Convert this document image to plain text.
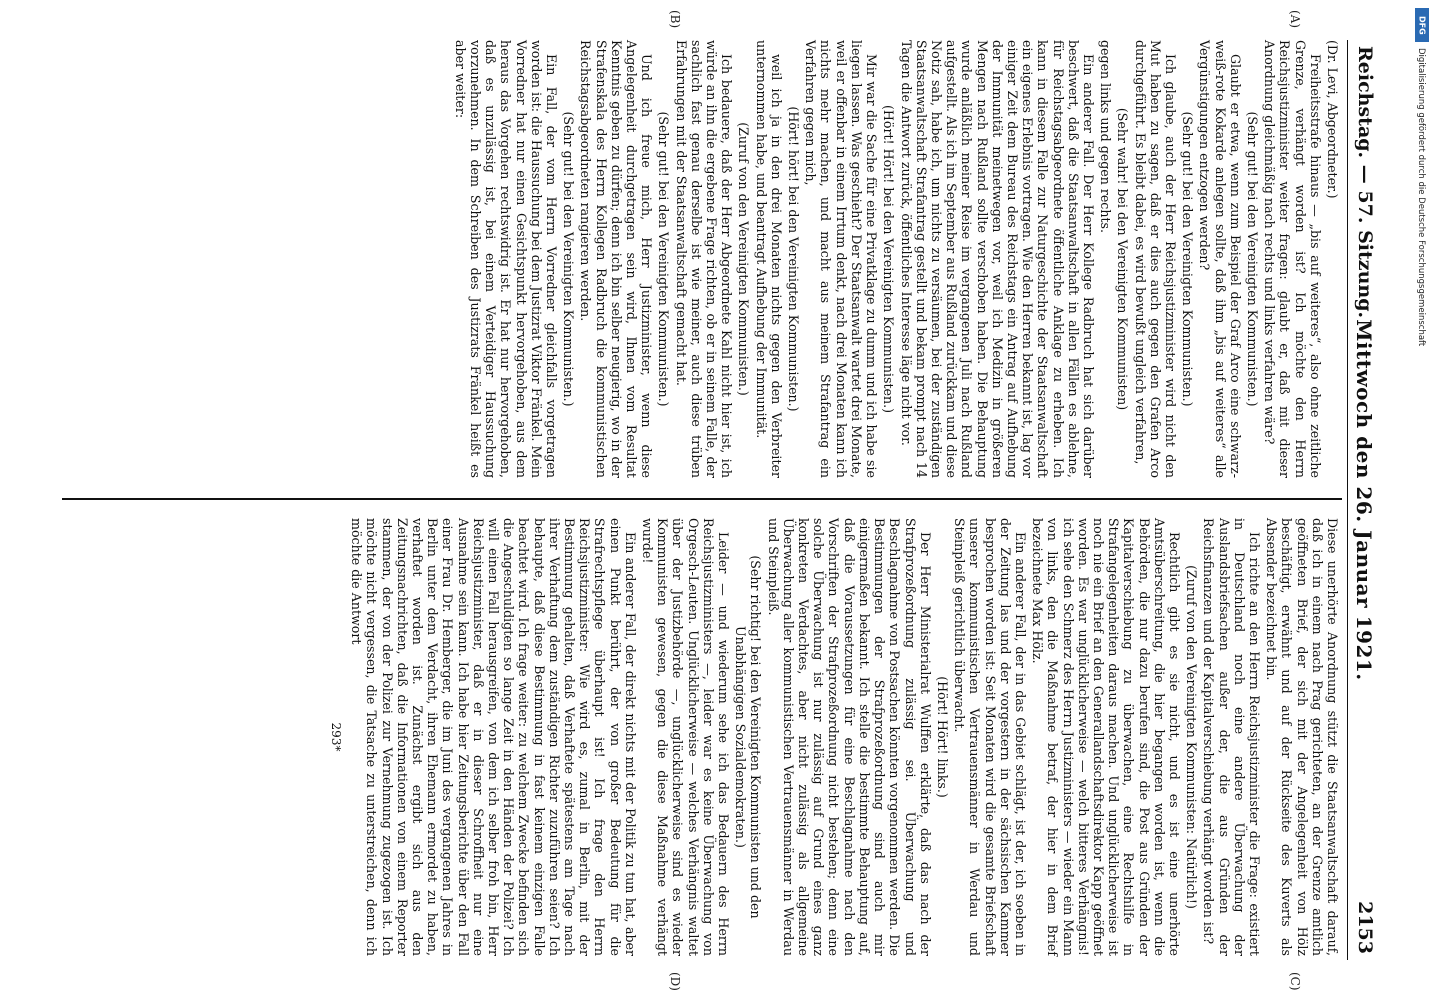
Reichstag. — 57. Sitzung.
Mittwoch den 26. Januar 1921.
2153

(Dr. Levi, Abgeordneter.)

Freiheitsstrafe hinaus — „bis auf weiteres“, also ohne zeitliche Grenze, verhängt worden ist? Ich möchte den Herrn Reichsjustizminister weiter fragen: glaubt er, daß mit dieser Anordnung gleichmäßig nach rechts und links verfahren wäre?

(Sehr gut! bei den Vereinigten Kommunisten.)

Glaubt er etwa, wenn zum Beispiel der Graf Arco eine schwarz-weiß-rote Kokarde anlegen sollte, daß ihm „bis auf weiteres“ alle Vergünstigungen entzogen werden?

(Sehr gut! bei den Vereinigten Kommunisten.)

Ich glaube, auch der Herr Reichsjustizminister wird nicht den Mut haben zu sagen, daß er dies auch gegen den Grafen Arco durchgeführt. Es bleibt dabei, es wird bewußt ungleich verfahren,

(Sehr wahr! bei den Vereinigten Kommunisten)

gegen links und gegen rechts.

Ein anderer Fall. Der Herr Kollege Radbruch hat sich darüber beschwert, daß die Staatsanwaltschaft in allen Fällen es ablehne, für Reichstagsabgeordnete öffentliche Anklage zu erheben. Ich kann in diesem Falle zur Naturgeschichte der Staatsanwaltschaft ein eigenes Erlebnis vortragen. Wie den Herren bekannt ist, lag vor einiger Zeit dem Bureau des Reichstags ein Antrag auf Aufhebung der Immunität meinetwegen vor, weil ich Medizin in größeren Mengen nach Rußland sollte verschoben haben. Die Behauptung wurde anläßlich meiner Reise im vergangenen Juli nach Rußland aufgestellt. Als ich im September aus Rußland zurückkam und diese Notiz sah, habe ich, um nichts zu versäumen, bei der zuständigen Staatsanwaltschaft Strafantrag gestellt und bekam prompt nach 14 Tagen die Antwort zurück, öffentliches Interesse läge nicht vor.

(Hört! Hört! bei den Vereinigten Kommunisten.)

Mir war die Sache für eine Privatklage zu dumm und ich habe sie liegen lassen. Was geschieht? Der Staatsanwalt wartet drei Monate, weil er offenbar in einem Irrtum denkt, nach drei Monaten kann ich nichts mehr machen, und macht aus meinem Strafantrag ein Verfahren gegen mich,

(Hört! hört! bei den Vereinigten Kommunisten.)

weil ich ja in den drei Monaten nichts gegen den Verbreiter unternommen habe, und beantragt Aufhebung der Immunität.

(Zuruf von den Vereinigten Kommunisten.)

Ich bedauere, daß der Herr Abgeordnete Kahl nicht hier ist, ich würde an ihn die ergebene Frage richten, ob er in seinem Falle, der sachlich fast genau derselbe ist wie meiner, auch diese trüben Erfahrungen mit der Staatsanwaltschaft gemacht hat.

(Sehr gut! bei den Vereinigten Kommunisten.)

Und ich freue mich, Herr Justizminister, wenn diese Angelegenheit durchgetragen sein wird, Ihnen vom Resultat Kenntnis geben zu dürfen; denn ich bin selber neugierig, wo in der Strafenskala des Herrn Kollegen Radbruch die kommunistischen Reichstagsabgeordneten rangieren werden.

(Sehr gut! bei den Vereinigten Kommunisten.)

Ein Fall, der vom Herrn Vorredner gleichfalls vorgetragen worden ist: die Haussuchung bei dem Justizrat Viktor Fränkel. Mein Vorredner hat nur einen Gesichtspunkt hervorgehoben, aus dem heraus das Vorgehen rechtswidrig ist. Er hat nur hervorgehoben, daß es unzulässig ist, bei einem Verteidiger Haussuchung vorzunehmen. In dem Schreiben des Justizrats Fränkel heißt es aber weiter:

Diese unerhörte Anordnung stützt die Staatsanwaltschaft darauf, daß ich in einem nach Prag gerichteten, an der Grenze amtlich geöffneten Brief, der sich mit der Angelegenheit von Hölz beschäftigt, erwähnt und auf der Rückseite des Kuverts als Absender bezeichnet bin.

Ich richte an den Herrn Reichsjustizminister die Frage: existiert in Deutschland noch eine andere Überwachung der Auslandsbriefsachen außer der, die aus Gründen der Reichsfinanzen und der Kapitalverschiebung verhängt worden ist?

(Zuruf von den Vereinigten Kommunisten: Natürlich!)

Rechtlich gibt es sie nicht, und es ist eine unerhörte Amtsüberschreitung, die hier begangen worden ist, wenn die Behörden, die nur dazu berufen sind, die Post aus Gründen der Kapitalverschiebung zu überwachen, eine Rechtshilfe in Strafangelegenheiten daraus machen. Und unglücklicherweise ist noch nie ein Brief an den Generallandschaftsdirektor Kapp geöffnet worden. Es war unglücklicherweise — welch bitteres Verhängnis! ich sehe den Schmerz des Herrn Justizministers — wieder ein Mann von links, den die Maßnahme betraf, der hier in dem Brief bezeichnete Max Hölz.

Ein anderer Fall, der in das Gebiet schlägt, ist der, ich soeben in der Zeitung las und der vorgestern in der sächsischen Kammer besprochen worden ist: Seit Monaten wird die gesamte Briefschaft unserer kommunistischen Vertrauensmänner in Werdau und Steinpleiß gerichtlich überwacht.

(Hört! Hört! links.)

Der Herr Ministerialrat Wulffen erklärte, daß das nach der Strafprozeßordnung zulässig sei. Überwachung und Beschlagnahme von Postsachen könnten vorgenommen werden. Die Bestimmungen der Strafprozeßordnung sind auch mir einigermaßen bekannt. Ich stelle die bestimmte Behauptung auf, daß die Voraussetzungen für eine Beschlagnahme nach den Vorschriften der Strafprozeßordnung nicht bestehen; denn eine solche Überwachung ist nur zulässig auf Grund eines ganz konkreten Verdachtes, aber nicht zulässig als allgemeine Überwachung aller kommunistischen Vertrauensmänner in Werdau und Steinpleiß.

(Sehr richtig! bei den Vereinigten Kommunisten und den Unabhängigen Sozialdemokraten.)

Leider — und wiederum sehe ich das Bedauern des Herrn Reichsjustizministers —, leider war es keine Überwachung von Orgesch-Leuten. Unglücklicherweise — welches Verhängnis waltet über der Justizbehörde —, unglücklicherweise sind es wieder Kommunisten gewesen, gegen die diese Maßnahme verhängt wurde!

Ein anderer Fall, der direkt nichts mit der Politik zu tun hat, aber einen Punkt berührt, der von großer Bedeutung für die Strafrechtspflege überhaupt ist! Ich frage den Herrn Reichsjustizminister: Wie wird es, zumal in Berlin, mit der Bestimmung gehalten, daß Verhaftete spätestens am Tage nach ihrer Verhaftung dem zuständigen Richter zuzuführen seien? Ich behaupte, daß diese Bestimmung in fast keinem einzigen Falle beachtet wird. Ich frage weiter: zu welchem Zwecke befinden sich die Angeschuldigten so lange Zeit in den Händen der Polizei? Ich will einen Fall herausgreifen, von dem ich selber froh bin, Herr Reichsjustizminister, daß er in dieser Schroffheit nur eine Ausnahme sein kann. Ich habe hier Zeitungsberichte über den Fall einer Frau Dr. Hemberger, die im Juni des vergangenen Jahres in Berlin unter dem Verdacht, ihren Ehemann ermordet zu haben, verhaftet worden ist. Zunächst ergibt sich aus den Zeitungsnachrichten, daß die Informationen von einem Reporter stammen, der von der Polizei zur Vernehmung zugezogen ist. Ich möchte nicht vergessen, die Tatsache zu unterstreichen, denn ich möchte die Antwort

293*
(A)
(B)
(C)
(D)
DFG
Digitalisierung gefördert durch die Deutsche Forschungsgemeinschaft
